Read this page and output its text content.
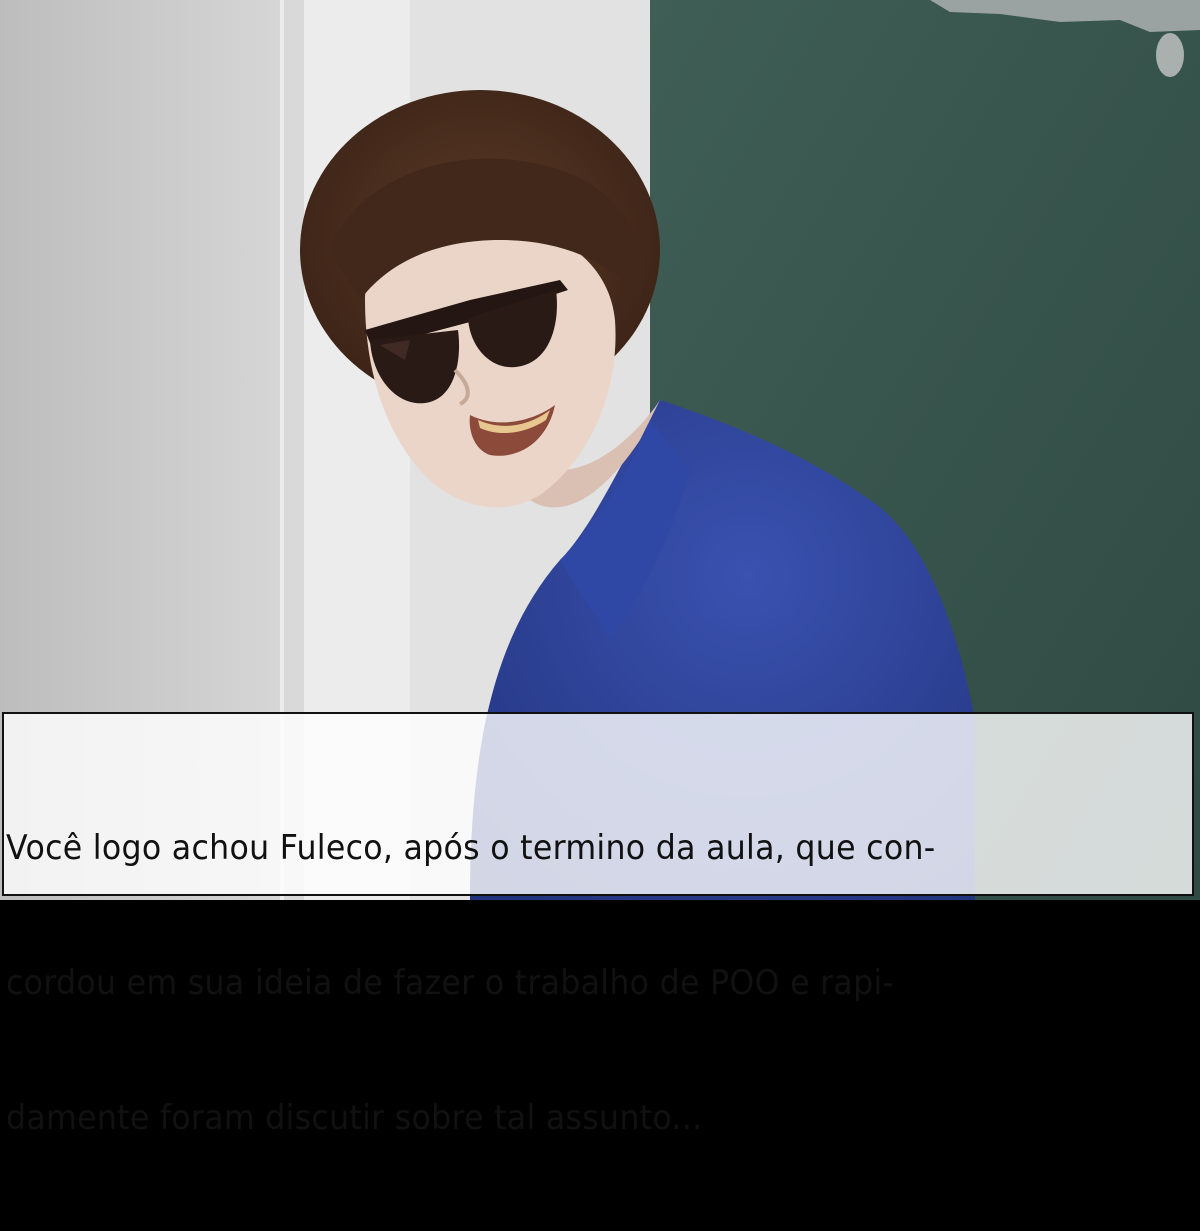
Você logo achou Fuleco, após o termino da aula, que con-

cordou em sua ideia de fazer o trabalho de POO e rapi-

damente foram discutir sobre tal assunto...
